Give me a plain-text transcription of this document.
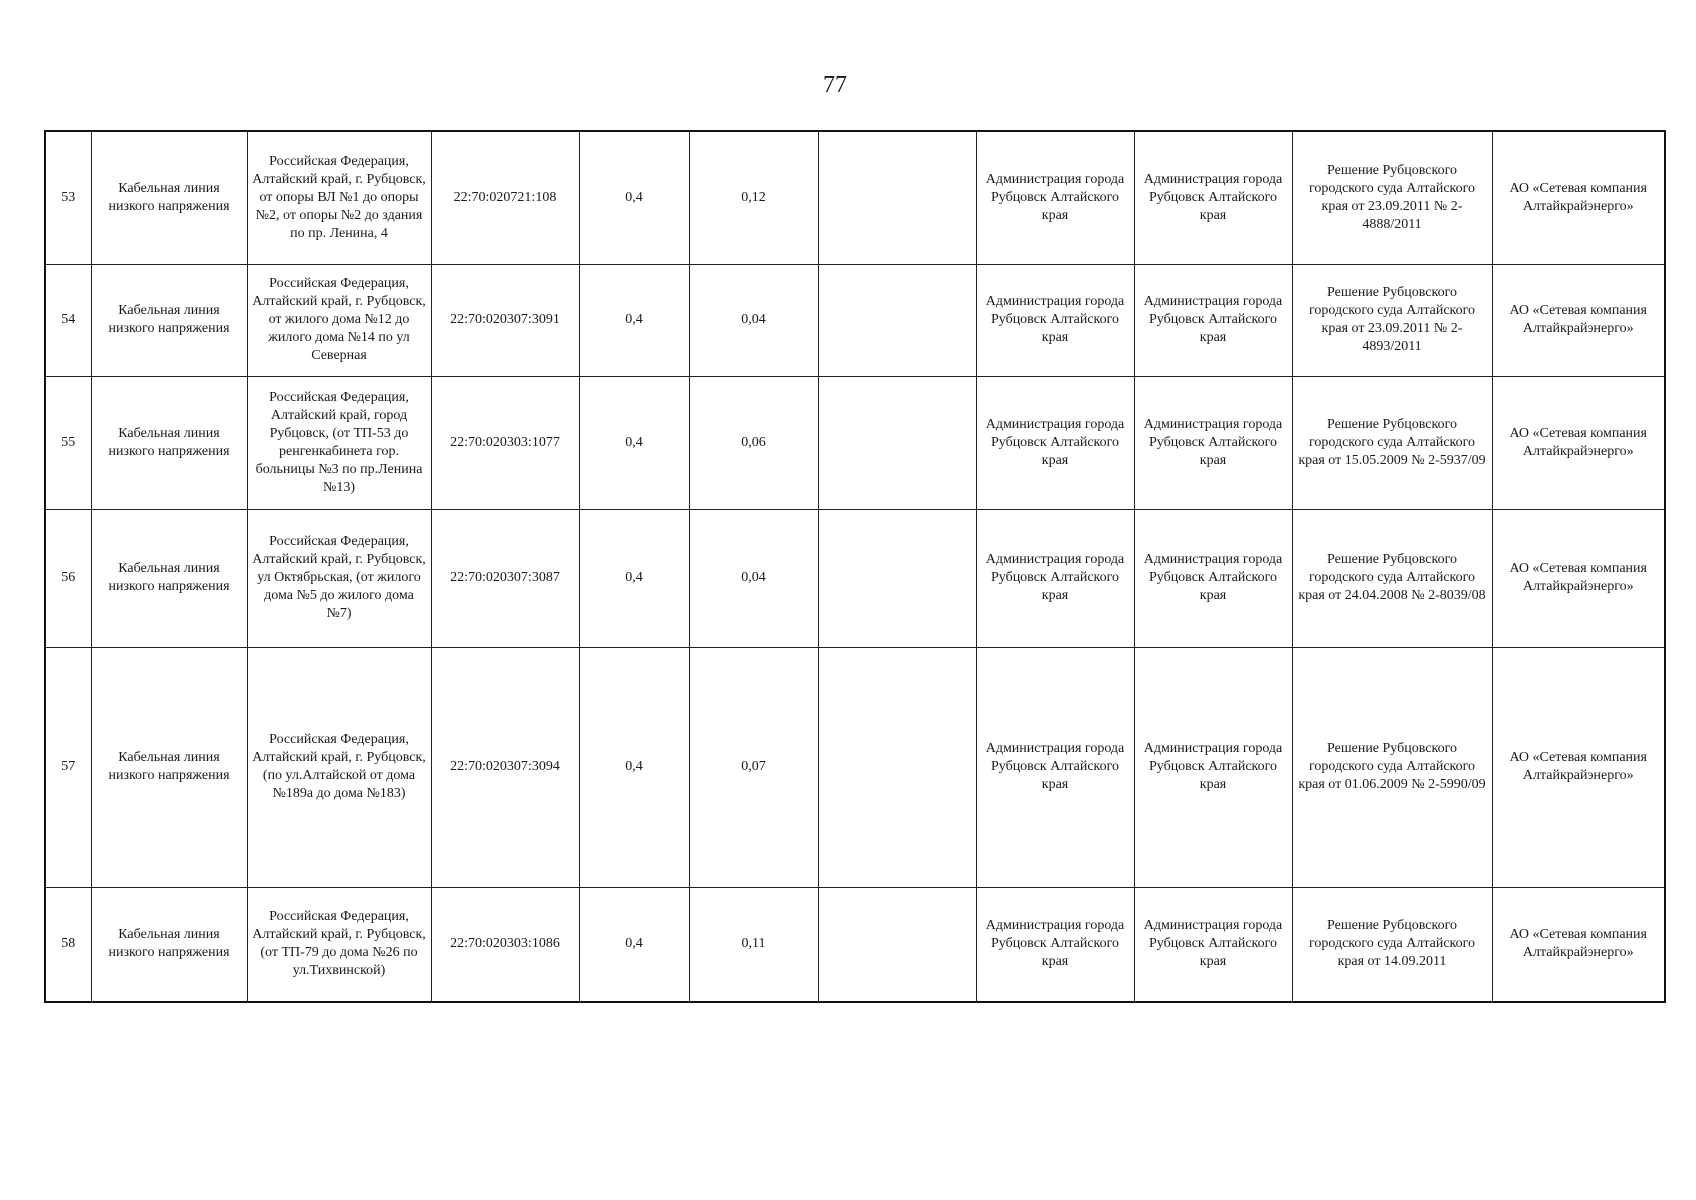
77
53	Кабельная линия низкого напряжения	Российская Федерация, Алтайский край, г. Рубцовск, от опоры ВЛ №1 до опоры №2, от опоры №2 до здания по пр. Ленина, 4	22:70:020721:108	0,4	0,12		Администрация города Рубцовск Алтайского края	Администрация города Рубцовск Алтайского края	Решение Рубцовского городского суда Алтайского края от 23.09.2011 № 2-4888/2011	АО «Сетевая компания Алтайкрайэнерго»
54	Кабельная линия низкого напряжения	Российская Федерация, Алтайский край, г. Рубцовск, от жилого дома №12 до жилого дома №14 по ул Северная	22:70:020307:3091	0,4	0,04		Администрация города Рубцовск Алтайского края	Администрация города Рубцовск Алтайского края	Решение Рубцовского городского суда Алтайского края от 23.09.2011 № 2-4893/2011	АО «Сетевая компания Алтайкрайэнерго»
55	Кабельная линия низкого напряжения	Российская Федерация, Алтайский край, город Рубцовск, (от ТП-53 до ренгенкабинета гор. больницы №3 по пр.Ленина №13)	22:70:020303:1077	0,4	0,06		Администрация города Рубцовск Алтайского края	Администрация города Рубцовск Алтайского края	Решение Рубцовского городского суда Алтайского края от 15.05.2009 № 2-5937/09	АО «Сетевая компания Алтайкрайэнерго»
56	Кабельная линия низкого напряжения	Российская Федерация, Алтайский край, г. Рубцовск, ул Октябрьская, (от жилого дома №5 до жилого дома №7)	22:70:020307:3087	0,4	0,04		Администрация города Рубцовск Алтайского края	Администрация города Рубцовск Алтайского края	Решение Рубцовского городского суда Алтайского края от 24.04.2008 № 2-8039/08	АО «Сетевая компания Алтайкрайэнерго»
57	Кабельная линия низкого напряжения	Российская Федерация, Алтайский край, г. Рубцовск, (по ул.Алтайской от дома №189а до дома №183)	22:70:020307:3094	0,4	0,07		Администрация города Рубцовск Алтайского края	Администрация города Рубцовск Алтайского края	Решение Рубцовского городского суда Алтайского края от 01.06.2009 № 2-5990/09	АО «Сетевая компания Алтайкрайэнерго»
58	Кабельная линия низкого напряжения	Российская Федерация, Алтайский край, г. Рубцовск, (от ТП-79 до дома №26 по ул.Тихвинской)	22:70:020303:1086	0,4	0,11		Администрация города Рубцовск Алтайского края	Администрация города Рубцовск Алтайского края	Решение Рубцовского городского суда Алтайского края от 14.09.2011	АО «Сетевая компания Алтайкрайэнерго»
